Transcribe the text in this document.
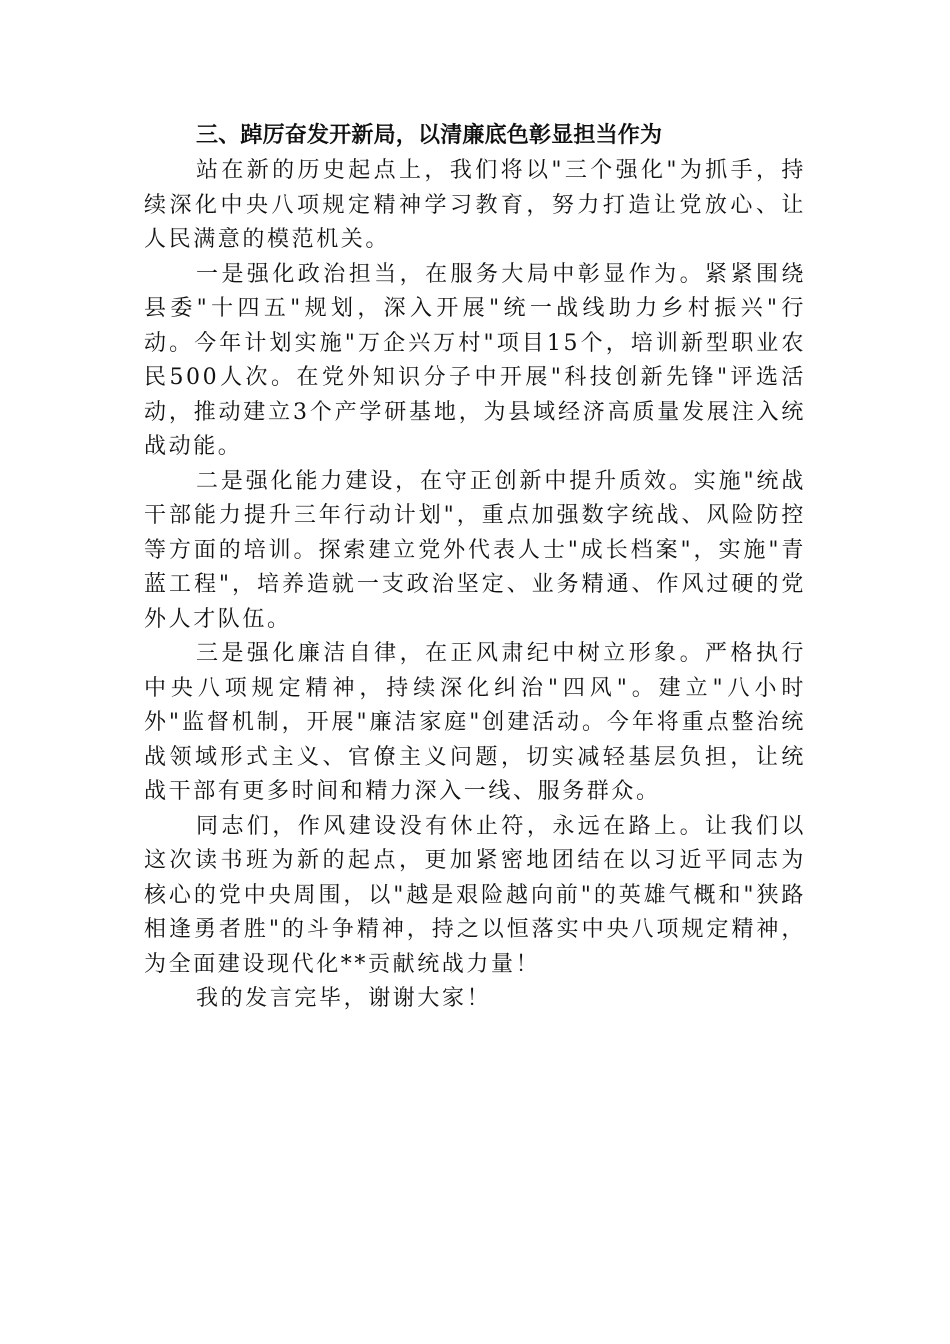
三、踔厉奋发开新局，以清廉底色彰显担当作为

站在新的历史起点上，我们将以"三个强化"为抓手，持续深化中央八项规定精神学习教育，努力打造让党放心、让人民满意的模范机关。

一是强化政治担当，在服务大局中彰显作为。紧紧围绕县委"十四五"规划，深入开展"统一战线助力乡村振兴"行动。今年计划实施"万企兴万村"项目15个，培训新型职业农民500人次。在党外知识分子中开展"科技创新先锋"评选活动，推动建立3个产学研基地，为县域经济高质量发展注入统战动能。

二是强化能力建设，在守正创新中提升质效。实施"统战干部能力提升三年行动计划"，重点加强数字统战、风险防控等方面的培训。探索建立党外代表人士"成长档案"，实施"青蓝工程"，培养造就一支政治坚定、业务精通、作风过硬的党外人才队伍。

三是强化廉洁自律，在正风肃纪中树立形象。严格执行中央八项规定精神，持续深化纠治"四风"。建立"八小时外"监督机制，开展"廉洁家庭"创建活动。今年将重点整治统战领域形式主义、官僚主义问题，切实减轻基层负担，让统战干部有更多时间和精力深入一线、服务群众。

同志们，作风建设没有休止符，永远在路上。让我们以这次读书班为新的起点，更加紧密地团结在以习近平同志为核心的党中央周围，以"越是艰险越向前"的英雄气概和"狭路相逢勇者胜"的斗争精神，持之以恒落实中央八项规定精神，为全面建设现代化**贡献统战力量！

我的发言完毕，谢谢大家！
